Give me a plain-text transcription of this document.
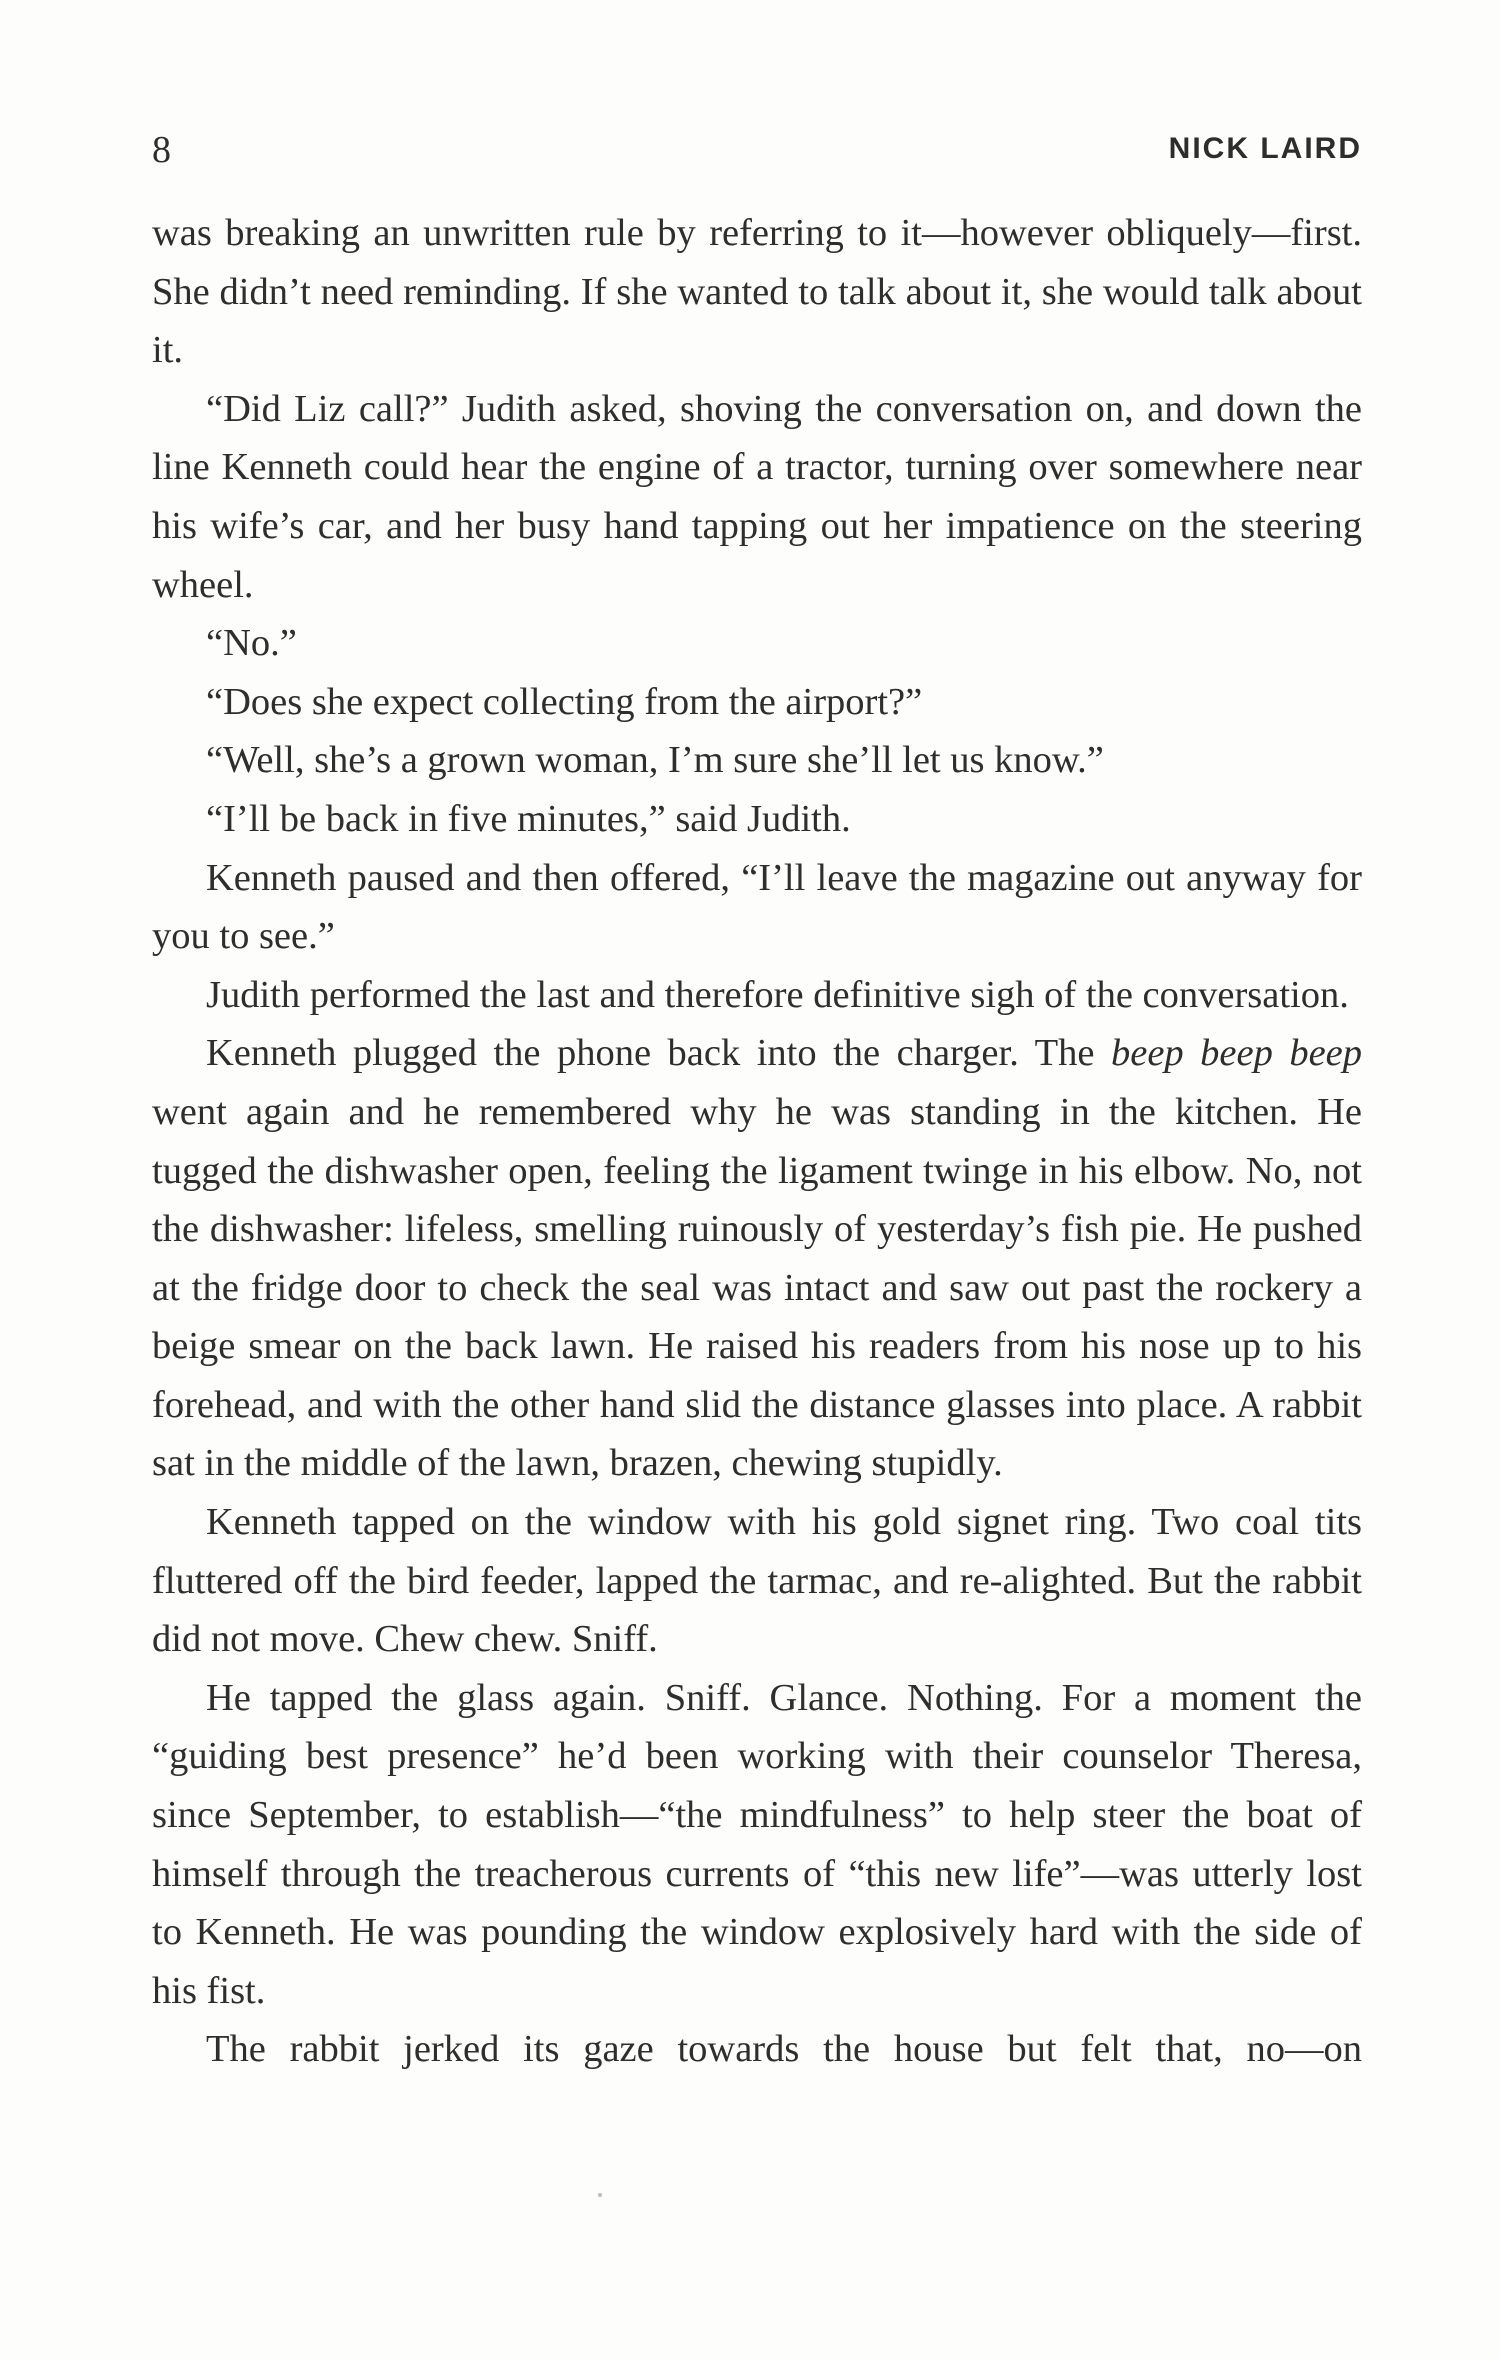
8	NICK LAIRD

was breaking an unwritten rule by referring to it—however obliquely—first. She didn’t need reminding. If she wanted to talk about it, she would talk about it.

“Did Liz call?” Judith asked, shoving the conversation on, and down the line Kenneth could hear the engine of a tractor, turning over somewhere near his wife’s car, and her busy hand tapping out her impatience on the steering wheel.

“No.”

“Does she expect collecting from the airport?”

“Well, she’s a grown woman, I’m sure she’ll let us know.”

“I’ll be back in five minutes,” said Judith.

Kenneth paused and then offered, “I’ll leave the magazine out anyway for you to see.”

Judith performed the last and therefore definitive sigh of the conversation.

Kenneth plugged the phone back into the charger. The beep beep beep went again and he remembered why he was standing in the kitchen. He tugged the dishwasher open, feeling the ligament twinge in his elbow. No, not the dishwasher: lifeless, smelling ruinously of yesterday’s fish pie. He pushed at the fridge door to check the seal was intact and saw out past the rockery a beige smear on the back lawn. He raised his readers from his nose up to his forehead, and with the other hand slid the distance glasses into place. A rabbit sat in the middle of the lawn, brazen, chewing stupidly.

Kenneth tapped on the window with his gold signet ring. Two coal tits fluttered off the bird feeder, lapped the tarmac, and re-alighted. But the rabbit did not move. Chew chew. Sniff.

He tapped the glass again. Sniff. Glance. Nothing. For a moment the “guiding best presence” he’d been working with their counselor Theresa, since September, to establish—“the mindfulness” to help steer the boat of himself through the treacherous currents of “this new life”—was utterly lost to Kenneth. He was pounding the window explosively hard with the side of his fist.

The rabbit jerked its gaze towards the house but felt that, no—on
